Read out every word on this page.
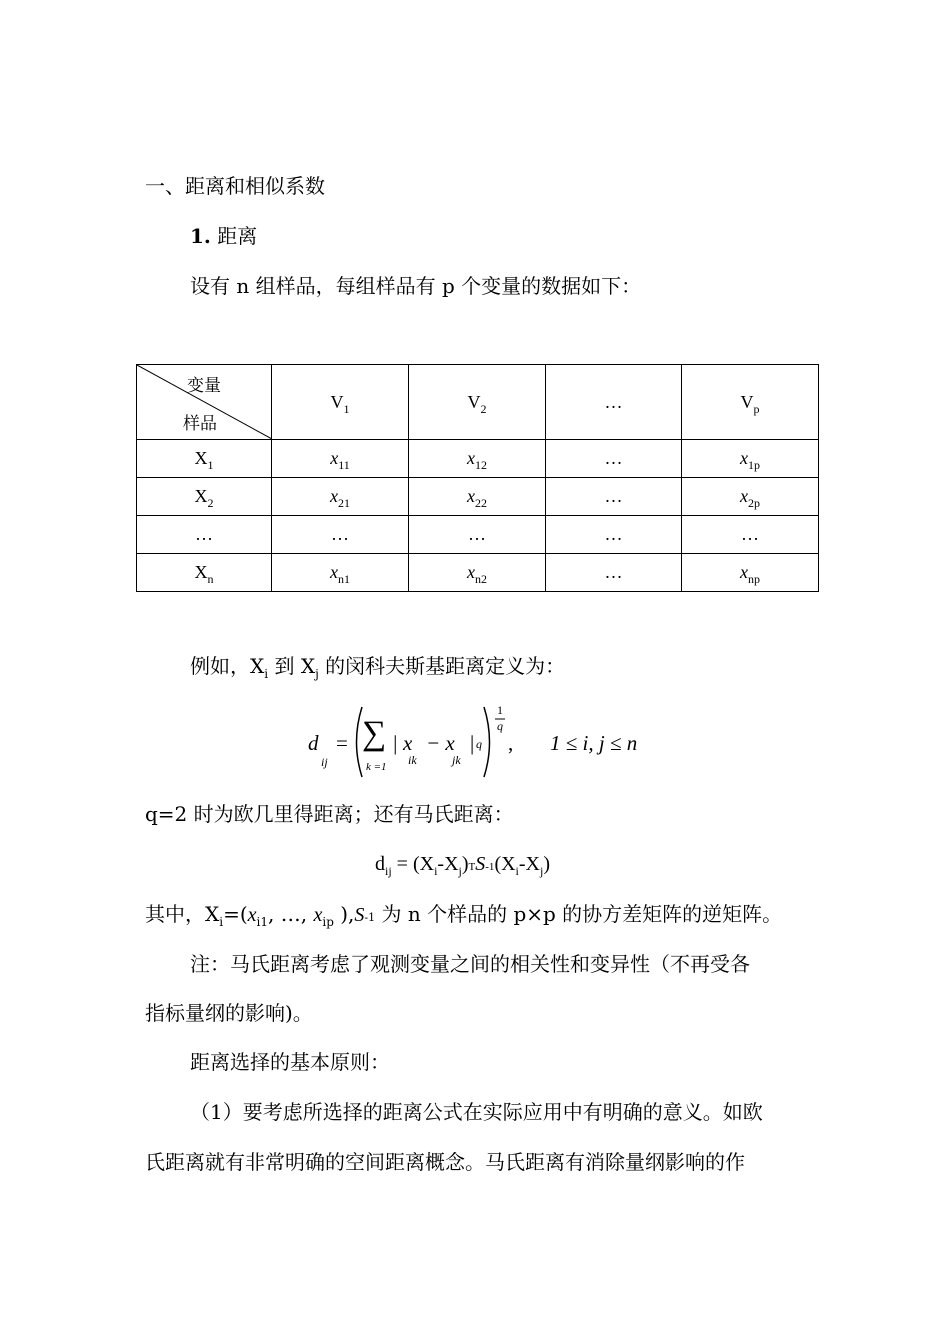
一、距离和相似系数
1. 距离
设有 n 组样品，每组样品有 p 个变量的数据如下：
变量
样品	$V_1$	$V_2$	…	$V_p$
$X_1$	$x_{11}$	$x_{12}$	…	$x_{1p}$
$X_2$	$x_{21}$	$x_{22}$	…	$x_{2p}$
…	…	…	…	…
$X_n$	$x_{n1}$	$x_{n2}$	…	$x_{np}$
例如，$X_i$ 到 $X_j$ 的闵科夫斯基距离定义为：
d
ij
= ∑
k =1
| x
ik
− x
jk
| q
1
q
, 1 ≤ i, j ≤ n
q=2 时为欧几里得距离；还有马氏距离：
$d_{ij} = (X_i-X_j)TS-1(X_i-X_j)$
其中，$X_i=(x_{i1}$, …, $x_{ip}$ ),S-1 为 n 个样品的 p×p 的协方差矩阵的逆矩阵。
注：马氏距离考虑了观测变量之间的相关性和变异性（不再受各
指标量纲的影响)。
距离选择的基本原则：
（1）要考虑所选择的距离公式在实际应用中有明确的意义。如欧
氏距离就有非常明确的空间距离概念。马氏距离有消除量纲影响的作
